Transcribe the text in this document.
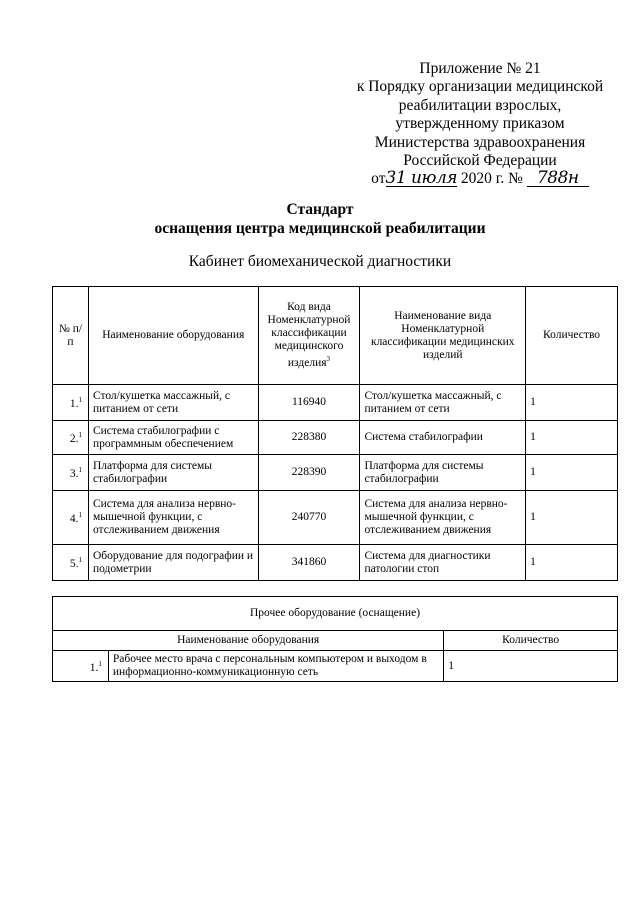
Приложение № 21
к Порядку организации медицинской
реабилитации взрослых,
утвержденному приказом
Министерства здравоохранения
Российской Федерации
от31 июля 2020 г. № 788н
Стандарт
оснащения центра медицинской реабилитации
Кабинет биомеханической диагностики
№ п/п	Наименование оборудования	Код вида Номенклатурной классификации медицинского изделия$^3$	Наименование вида Номенклатурной классификации медицинских изделий	Количество
1.$^1$	Стол/кушетка массажный, с питанием от сети	116940	Стол/кушетка массажный, с питанием от сети	1
2.$^1$	Система стабилографии с программным обеспечением	228380	Система стабилографии	1
3.$^1$	Платформа для системы стабилографии	228390	Платформа для системы стабилографии	1
4.$^1$	Система для анализа нервно-мышечной функции, с отслеживанием движения	240770	Система для анализа нервно-мышечной функции, с отслеживанием движения	1
5.$^1$	Оборудование для подографии и подометрии	341860	Система для диагностики патологии стоп	1
Прочее оборудование (оснащение)		
Наименование оборудования		Количество
1.$^1$	Рабочее место врача с персональным компьютером и выходом в информационно-коммуникационную сеть	1
